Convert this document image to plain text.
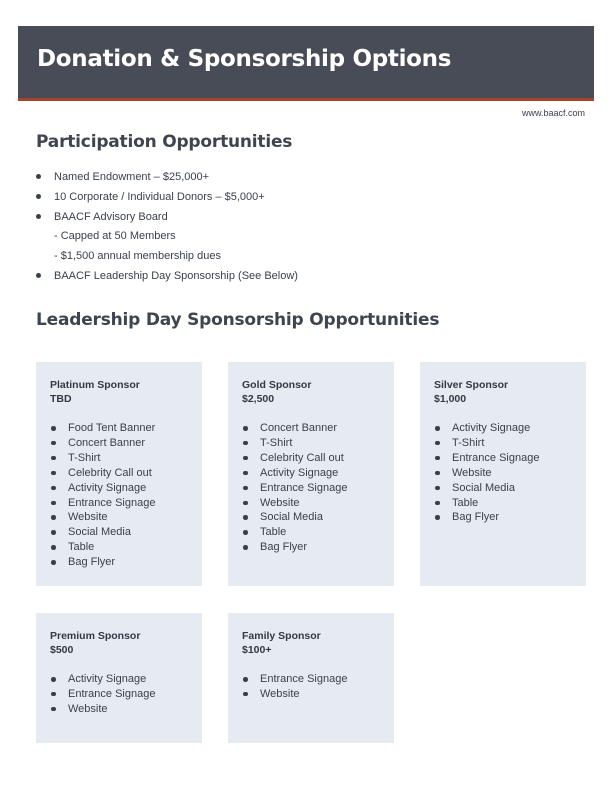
Donation & Sponsorship Options
www.baacf.com
Participation Opportunities
Named Endowment – $25,000+
10 Corporate / Individual Donors – $5,000+
BAACF Advisory Board
- Capped at 50 Members
- $1,500 annual membership dues
BAACF Leadership Day Sponsorship (See Below)
Leadership Day Sponsorship Opportunities
Platinum Sponsor
TBD
Food Tent Banner
Concert Banner
T-Shirt
Celebrity Call out
Activity Signage
Entrance Signage
Website
Social Media
Table
Bag Flyer
Gold Sponsor
$2,500
Concert Banner
T-Shirt
Celebrity Call out
Activity Signage
Entrance Signage
Website
Social Media
Table
Bag Flyer
Silver Sponsor
$1,000
Activity Signage
T-Shirt
Entrance Signage
Website
Social Media
Table
Bag Flyer
Premium Sponsor
$500
Activity Signage
Entrance Signage
Website
Family Sponsor
$100+
Entrance Signage
Website
